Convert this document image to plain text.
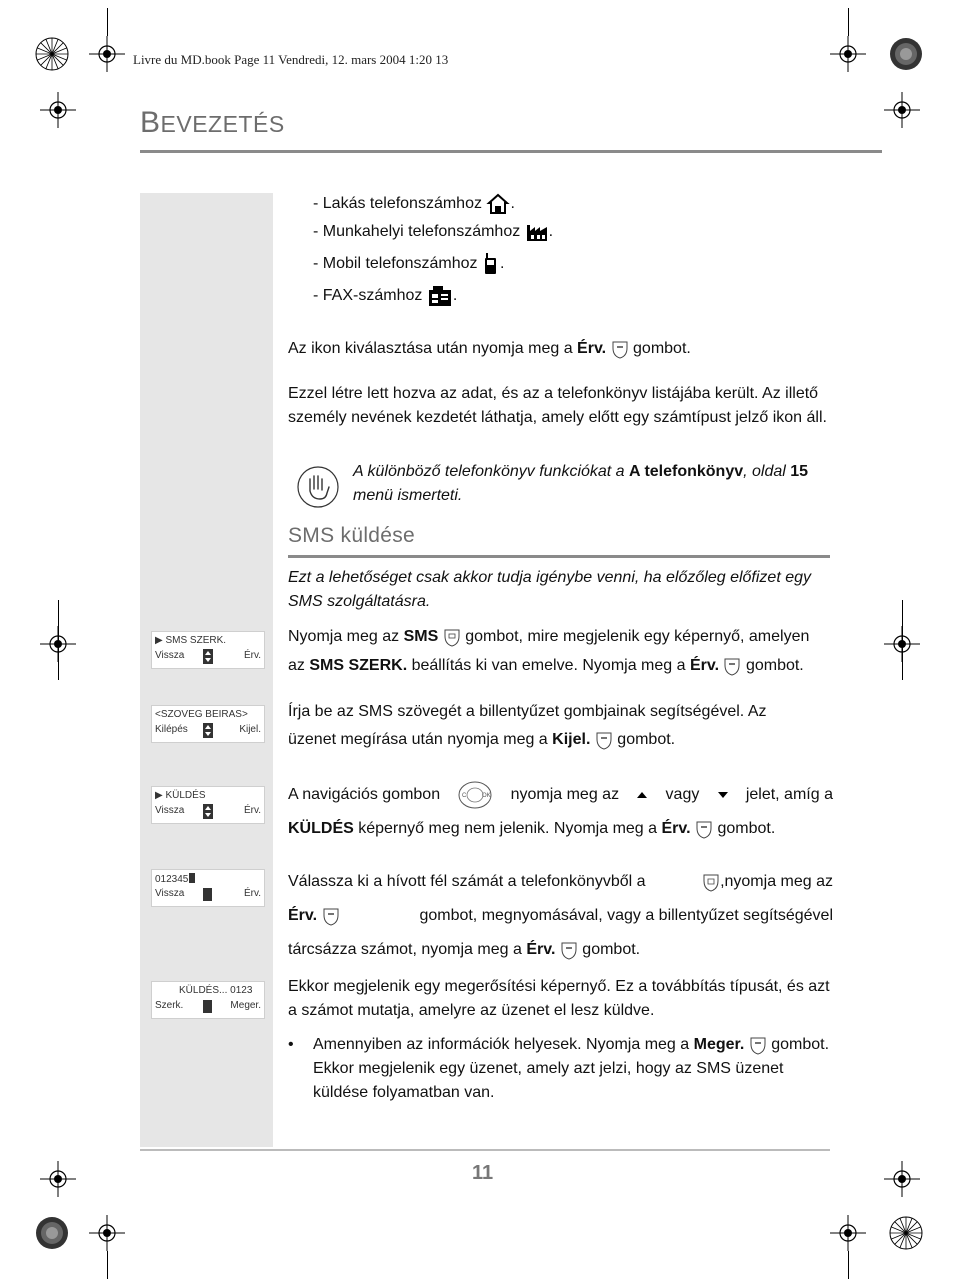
Livre du MD.book Page 11 Vendredi, 12. mars 2004 1:20 13
BEVEZETÉS
- Lakás telefonszámhoz .
- Munkahelyi telefonszámhoz .
- Mobil telefonszámhoz .
- FAX-számhoz .
Az ikon kiválasztása után nyomja meg a Érv. gombot.
Ezzel létre lett hozva az adat, és az a telefonkönyv listájába került. Az illető személy nevének kezdetét láthatja, amely előtt egy számtípust jelző ikon áll.
A különböző telefonkönyv funkciókat a A telefonkönyv, oldal 15
menü ismerteti.
SMS küldése
Ezt a lehetőséget csak akkor tudja igénybe venni, ha előzőleg előfizet egy SMS szolgáltatásra.
▶ SMS SZERK.
Vissza	Érv.
<SZOVEG BEIRAS>
Kilépés	Kijel.
▶ KÜLDÉS
Vissza	Érv.
012345
Vissza	Érv.
KÜLDÉS... 0123
Szerk.	Meger.
Nyomja meg az SMS gombot, mire megjelenik egy képernyő, amelyen
az SMS SZERK. beállítás ki van emelve. Nyomja meg a Érv. gombot.
Írja be az SMS szövegét a billentyűzet gombjainak segítségével. Az
üzenet megírása után nyomja meg a Kijel. gombot.
A navigációs gombon	C	OK nyomja meg az	vagy	jelet, amíg a
KÜLDÉS képernyő meg nem jelenik. Nyomja meg a Érv. gombot.
Válassza ki a hívott fél számát a telefonkönyvből a	,nyomja meg az
Érv.	gombot, megnyomásával, vagy a billentyűzet segítségével
tárcsázza számot, nyomja meg a Érv. gombot.
Ekkor megjelenik egy megerősítési képernyő. Ez a továbbítás típusát, és azt a számot mutatja, amelyre az üzenet el lesz küldve.
• Amennyiben az információk helyesek. Nyomja meg a Meger. gombot. Ekkor megjelenik egy üzenet, amely azt jelzi, hogy az SMS üzenet küldése folyamatban van.
11
